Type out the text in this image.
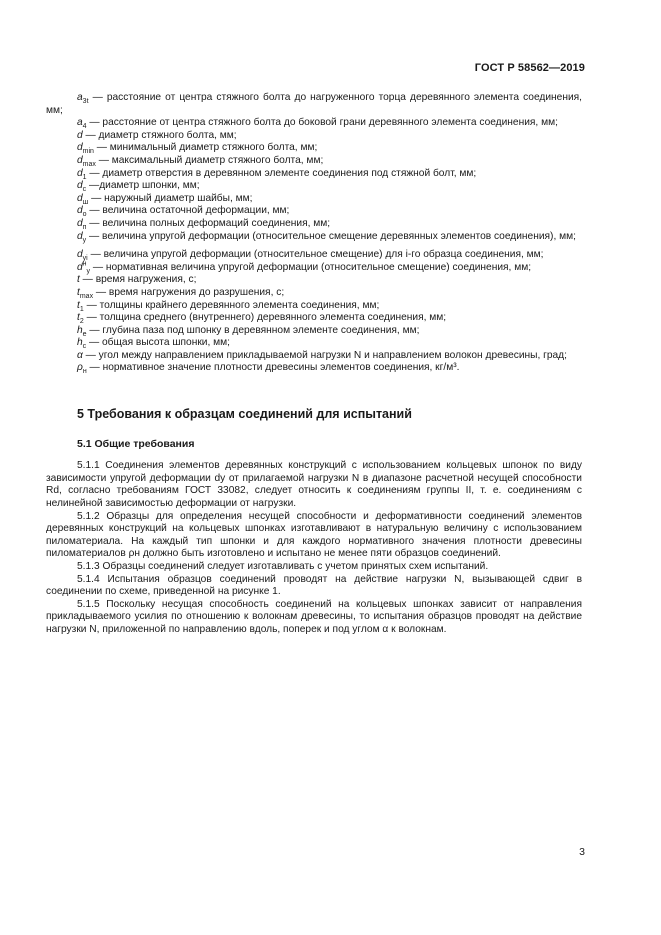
ГОСТ Р 58562—2019

$a_{3t}$ — расстояние от центра стяжного болта до нагруженного торца деревянного элемента соединения, мм;

$a_4$ — расстояние от центра стяжного болта до боковой грани деревянного элемента соединения, мм;

d — диаметр стяжного болта, мм;

$d_{min}$ — минимальный диаметр стяжного болта, мм;

$d_{max}$ — максимальный диаметр стяжного болта, мм;

$d_1$ — диаметр отверстия в деревянном элементе соединения под стяжной болт, мм;

$d_с$ —диаметр шпонки, мм;

$d_ш$ — наружный диаметр шайбы, мм;

$d_о$ — величина остаточной деформации, мм;

$d_п$ — величина полных деформаций соединения, мм;

$d_у$ — величина упругой деформации (относительное смещение деревянных элементов соединения), мм;

$d_{yi}$ — величина упругой деформации (относительное смещение) для i-го образца соединения, мм;

$d^н_у$ — нормативная величина упругой деформации (относительное смещение) соединения, мм;

t — время нагружения, с;

$t_{max}$ — время нагружения до разрушения, с;

$t_1$ — толщины крайнего деревянного элемента соединения, мм;

$t_2$ — толщина среднего (внутреннего) деревянного элемента соединения, мм;

$h_e$ — глубина паза под шпонку в деревянном элементе соединения, мм;

$h_с$ — общая высота шпонки, мм;

α — угол между направлением прикладываемой нагрузки N и направлением волокон древесины, град;

$\rho_н$ — нормативное значение плотности древесины элементов соединения, кг/м³.

5 Требования к образцам соединений для испытаний
5.1 Общие требования

5.1.1 Соединения элементов деревянных конструкций с использованием кольцевых шпонок по виду зависимости упругой деформации dу от прилагаемой нагрузки N в диапазоне расчетной несущей способности Rd, согласно требованиям ГОСТ 33082, следует относить к соединениям группы II, т. е. соединениям с нелинейной зависимостью деформации от нагрузки.

5.1.2 Образцы для определения несущей способности и деформативности соединений элементов деревянных конструкций на кольцевых шпонках изготавливают в натуральную величину с использованием пиломатериала. На каждый тип шпонки и для каждого нормативного значения плотности древесины пиломатериалов ρн должно быть изготовлено и испытано не менее пяти образцов соединений.

5.1.3 Образцы соединений следует изготавливать с учетом принятых схем испытаний.

5.1.4 Испытания образцов соединений проводят на действие нагрузки N, вызывающей сдвиг в соединении по схеме, приведенной на рисунке 1.

5.1.5 Поскольку несущая способность соединений на кольцевых шпонках зависит от направления прикладываемого усилия по отношению к волокнам древесины, то испытания образцов проводят на действие нагрузки N, приложенной по направлению вдоль, поперек и под углом α к волокнам.

3
